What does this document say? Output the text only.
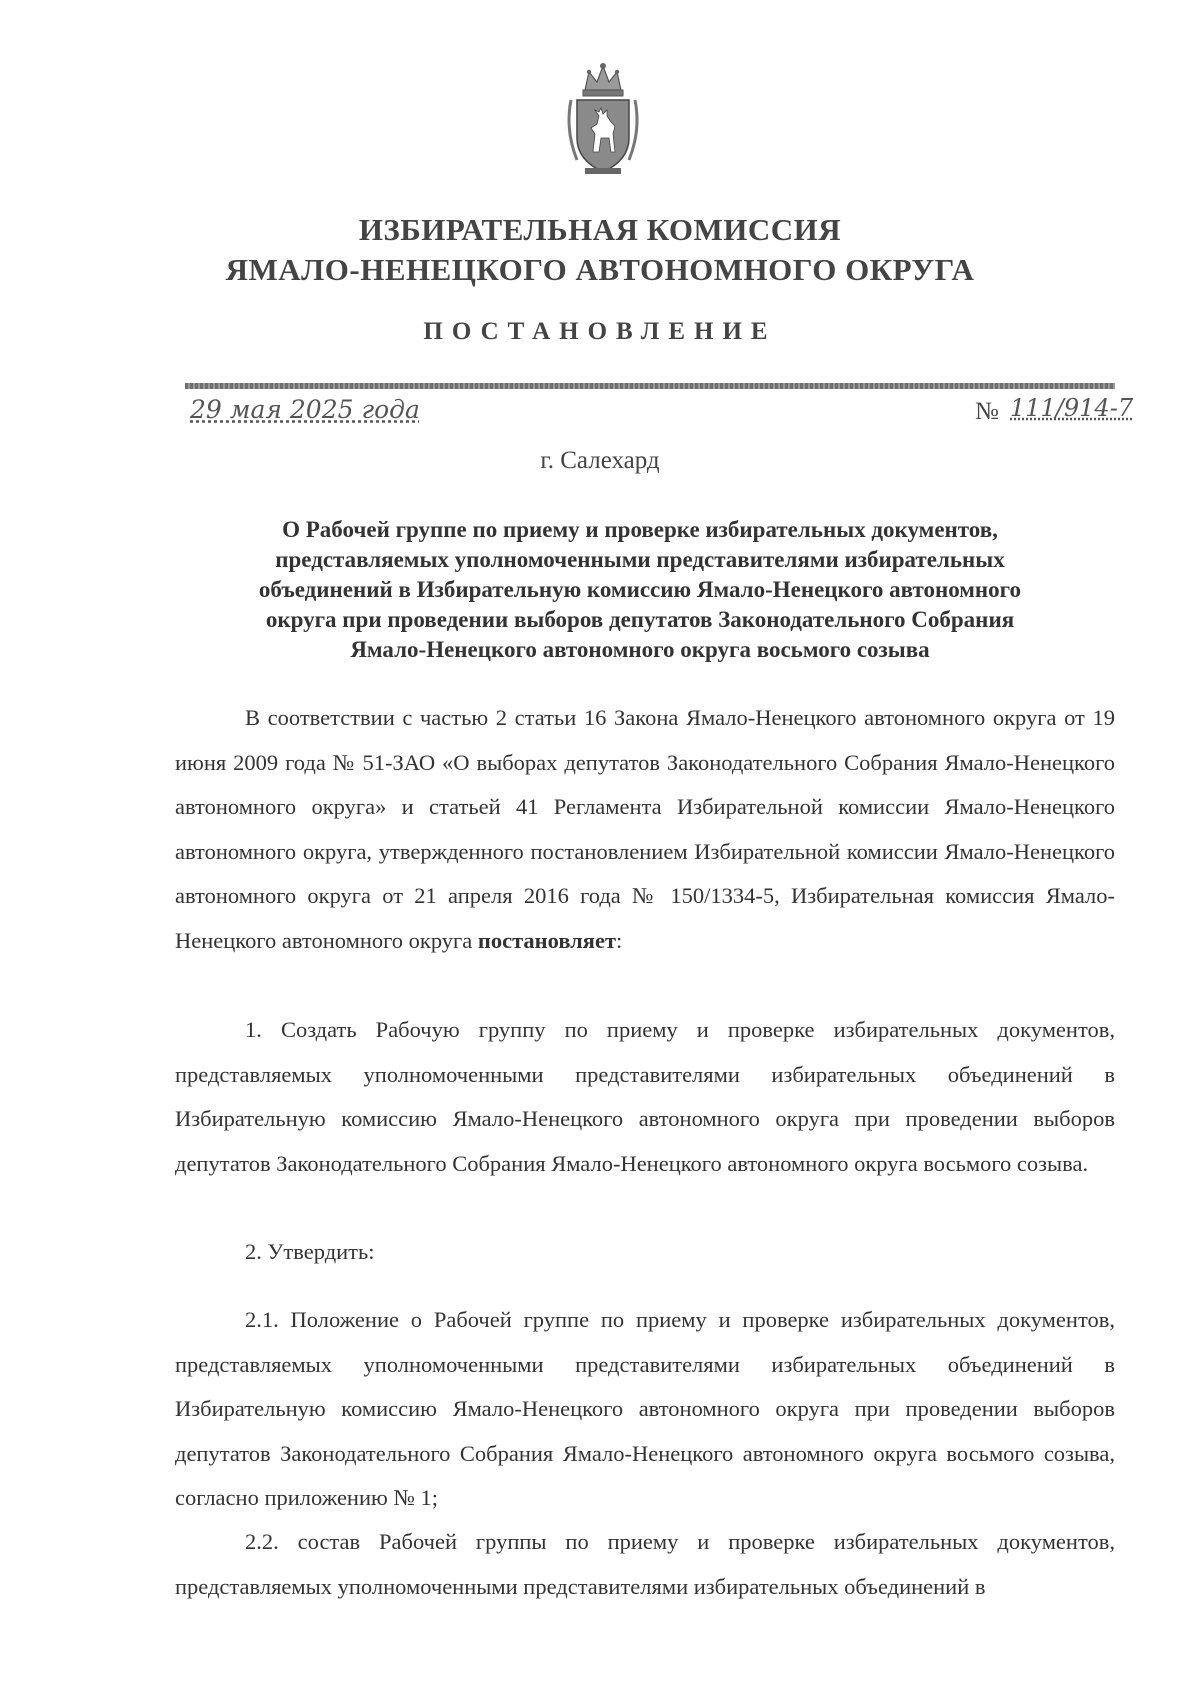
ИЗБИРАТЕЛЬНАЯ КОМИССИЯ
ЯМАЛО-НЕНЕЦКОГО АВТОНОМНОГО ОКРУГА
ПОСТАНОВЛЕНИЕ
29 мая 2025 года	№ 111/914-7
г. Салехард
О Рабочей группе по приему и проверке избирательных документов,
представляемых уполномоченными представителями избирательных
объединений в Избирательную комиссию Ямало-Ненецкого автономного
округа при проведении выборов депутатов Законодательного Собрания
Ямало-Ненецкого автономного округа восьмого созыва

В соответствии с частью 2 статьи 16 Закона Ямало-Ненецкого автономного округа от 19 июня 2009 года № 51-ЗАО «О выборах депутатов Законодательного Собрания Ямало-Ненецкого автономного округа» и статьей 41 Регламента Избирательной комиссии Ямало-Ненецкого автономного округа, утвержденного постановлением Избирательной комиссии Ямало-Ненецкого автономного округа от 21 апреля 2016 года № 150/1334-5, Избирательная комиссия Ямало-Ненецкого автономного округа постановляет:

1. Создать Рабочую группу по приему и проверке избирательных документов, представляемых уполномоченными представителями избирательных объединений в Избирательную комиссию Ямало-Ненецкого автономного округа при проведении выборов депутатов Законодательного Собрания Ямало-Ненецкого автономного округа восьмого созыва.

2. Утвердить:

2.1. Положение о Рабочей группе по приему и проверке избирательных документов, представляемых уполномоченными представителями избирательных объединений в Избирательную комиссию Ямало-Ненецкого автономного округа при проведении выборов депутатов Законодательного Собрания Ямало-Ненецкого автономного округа восьмого созыва, согласно приложению № 1;

2.2. состав Рабочей группы по приему и проверке избирательных документов, представляемых уполномоченными представителями избирательных объединений в
